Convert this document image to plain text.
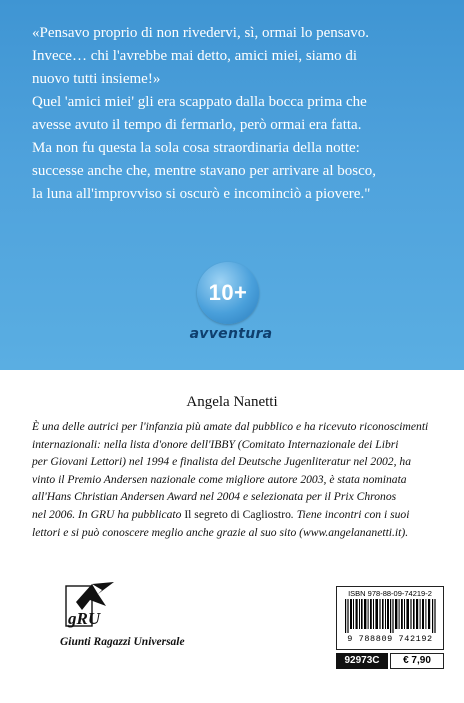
«Pensavo proprio di non rivedervi, sì, ormai lo pensavo.
Invece… chi l'avrebbe mai detto, amici miei, siamo di
nuovo tutti insieme!»
Quel 'amici miei' gli era scappato dalla bocca prima che
avesse avuto il tempo di fermarlo, però ormai era fatta.
Ma non fu questa la sola cosa straordinaria della notte:
successe anche che, mentre stavano per arrivare al bosco,
la luna all'improvviso si oscurò e incominciò a piovere."
10+
avventura
Angela Nanetti
È una delle autrici per l'infanzia più amate dal pubblico e ha ricevuto riconoscimenti
internazionali: nella lista d'onore dell'IBBY (Comitato Internazionale dei Libri
per Giovani Lettori) nel 1994 e finalista del Deutsche Jugenliteratur nel 2002, ha
vinto il Premio Andersen nazionale come migliore autore 2003, è stata nominata
all'Hans Christian Andersen Award nel 2004 e selezionata per il Prix Chronos
nel 2006. In GRU ha pubblicato Il segreto di Cagliostro. Tiene incontri con i suoi
lettori e si può conoscere meglio anche grazie al suo sito (www.angelananetti.it).
gRU
Giunti Ragazzi Universale
ISBN 978-88-09-74219-2
9 788809 742192
92973C	€ 7,90
